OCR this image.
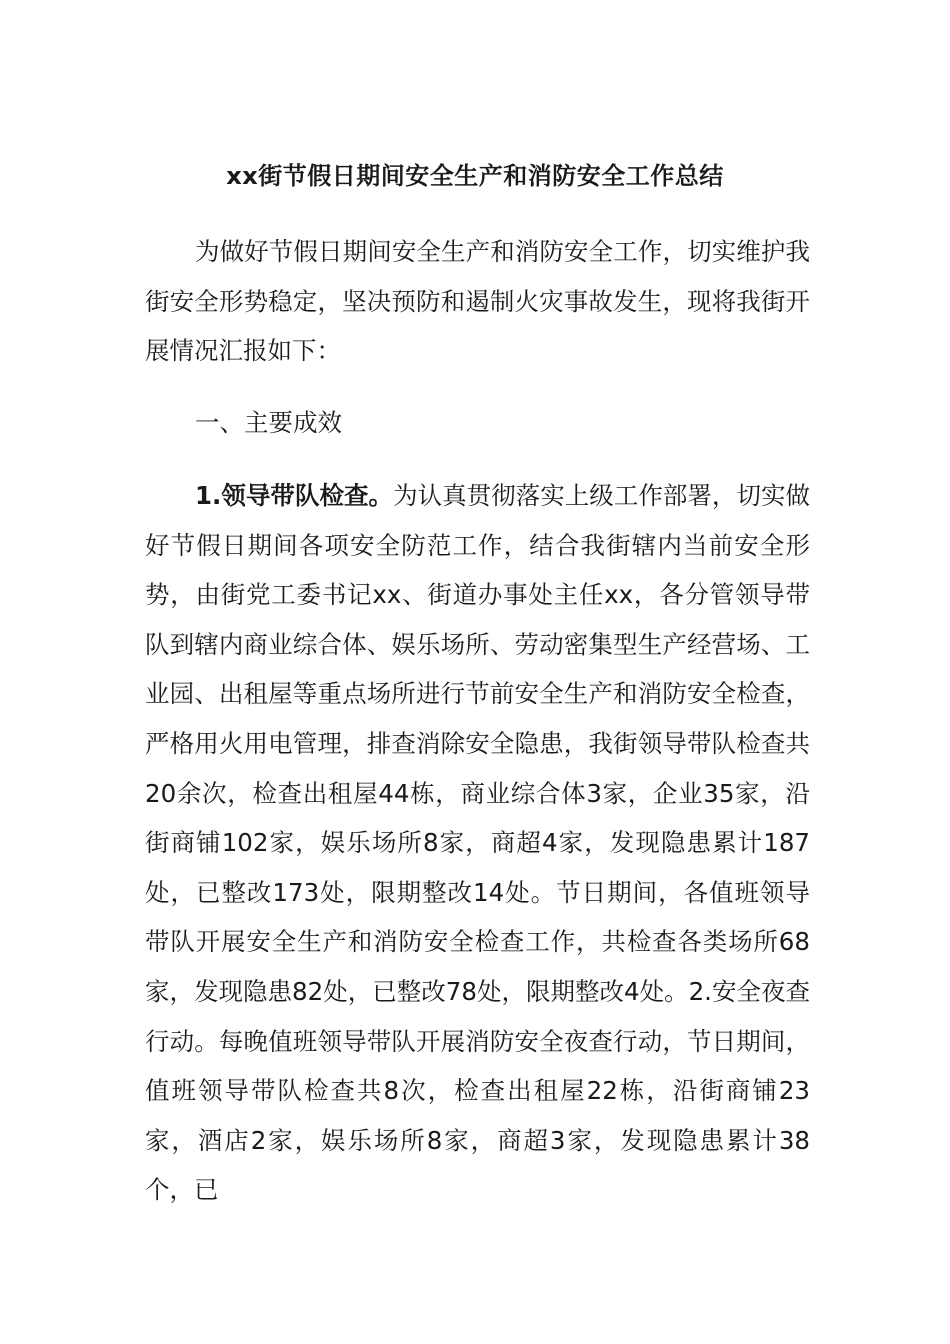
xx街节假日期间安全生产和消防安全工作总结

为做好节假日期间安全生产和消防安全工作，切实维护我街安全形势稳定，坚决预防和遏制火灾事故发生，现将我街开展情况汇报如下：

一、主要成效

1.领导带队检查。为认真贯彻落实上级工作部署，切实做好节假日期间各项安全防范工作，结合我街辖内当前安全形势，由街党工委书记xx、街道办事处主任xx，各分管领导带队到辖内商业综合体、娱乐场所、劳动密集型生产经营场、工业园、出租屋等重点场所进行节前安全生产和消防安全检查，严格用火用电管理，排查消除安全隐患，我街领导带队检查共20余次，检查出租屋44栋，商业综合体3家，企业35家，沿街商铺102家，娱乐场所8家，商超4家，发现隐患累计187处，已整改173处，限期整改14处。节日期间，各值班领导带队开展安全生产和消防安全检查工作，共检查各类场所68家，发现隐患82处，已整改78处，限期整改4处。2.安全夜查行动。每晚值班领导带队开展消防安全夜查行动，节日期间，值班领导带队检查共8次，检查出租屋22栋，沿街商铺23家，酒店2家，娱乐场所8家，商超3家，发现隐患累计38个，已
